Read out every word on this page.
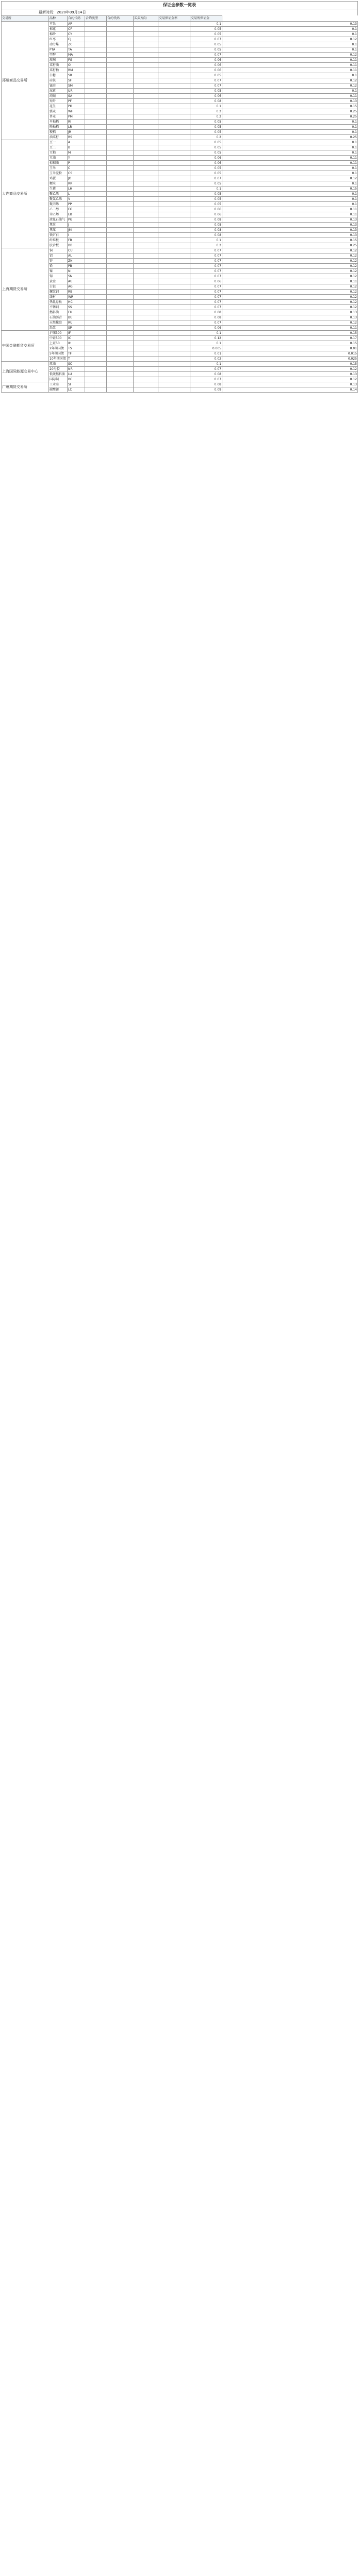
保证金参数一览表
最新时间：2020年09月14日
交易所	品种	合约代码	合约类型	合约代码	买卖方向	交易保证金率	交易所保证金	
郑州商品交易所	苹果	AP					0.1	0.13
	棉花	CF					0.05	0.1
	棉纱	CY					0.05	0.1
	红枣	CJ					0.07	0.12
	动力煤	ZC					0.05	0.1
	PTA	TA					0.05	0.1
	甲醇	MA					0.07	0.12
	玻璃	FG					0.06	0.11
	菜籽油	OI					0.06	0.11
	菜籽粕	RM					0.06	0.11
	白糖	SR					0.05	0.1
	硅铁	SF					0.07	0.12
	锰硅	SM					0.07	0.12
	尿素	UR					0.05	0.1
	纯碱	SA					0.06	0.11
	短纤	PF					0.08	0.13
	花生	PK					0.1	0.15
	强麦	WH					0.2	0.25
	普麦	PM					0.2	0.25
	早籼稻	RI					0.05	0.1
	晚籼稻	LR					0.05	0.1
	粳稻	JR					0.05	0.1
	油菜籽	RS					0.2	0.25
大连商品交易所	豆一	A					0.05	0.1
	豆二	B					0.05	0.1
	豆粕	M					0.05	0.1
	豆油	Y					0.06	0.11
	棕榈油	P					0.06	0.11
	玉米	C					0.05	0.1
	玉米淀粉	CS					0.05	0.1
	鸡蛋	JD					0.07	0.12
	粳米	RR					0.05	0.1
	生猪	LH					0.1	0.15
	聚乙烯	L					0.05	0.1
	聚氯乙烯	V					0.05	0.1
	聚丙烯	PP					0.05	0.1
	乙二醇	EG					0.06	0.11
	苯乙烯	EB					0.06	0.11
	液化石油气	PG					0.08	0.13
	焦炭	J					0.08	0.13
	焦煤	JM					0.08	0.13
	铁矿石	I					0.08	0.13
	纤维板	FB					0.1	0.15
	胶合板	BB					0.2	0.25
上海期货交易所	铜	CU					0.07	0.12
	铝	AL					0.07	0.12
	锌	ZN					0.07	0.12
	铅	PB					0.07	0.12
	镍	NI					0.07	0.12
	锡	SN					0.07	0.12
	黄金	AU					0.06	0.11
	白银	AG					0.07	0.12
	螺纹钢	RB					0.07	0.12
	线材	WR					0.07	0.12
	热轧卷板	HC					0.07	0.12
	不锈钢	SS					0.07	0.12
	燃料油	FU					0.08	0.13
	石油沥青	BU					0.08	0.13
	天然橡胶	RU					0.07	0.12
	纸浆	SP					0.06	0.11
中国金融期货交易所	沪深300	IF					0.1	0.15
	中证500	IC					0.12	0.17
	上证50	IH					0.1	0.15
	2年期国债	TS					0.005	0.01
	5年期国债	TF					0.01	0.015
	10年期国债	T					0.02	0.025
上海国际能源交易中心	原油	SC					0.1	0.15
	20号胶	NR					0.07	0.12
	低硫燃料油	LU					0.08	0.13
	国际铜	BC					0.07	0.12
广州期货交易所	工业硅	SI					0.08	0.13
	碳酸锂	LC					0.09	0.14
